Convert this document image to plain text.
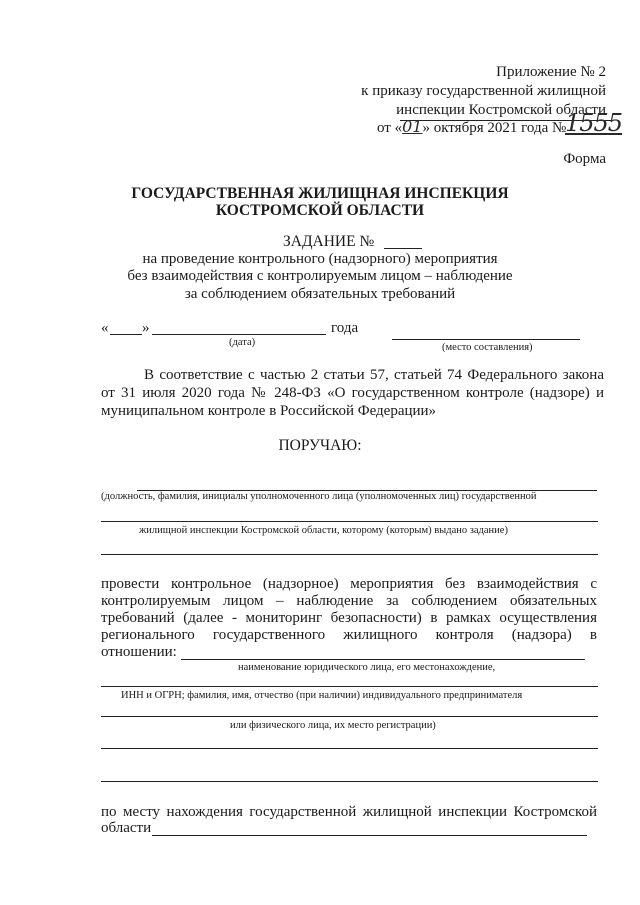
Приложение № 2
к приказу государственной жилищной
инспекции Костромской области
от «01» октября 2021 года №
1555
Форма
ГОСУДАРСТВЕННАЯ ЖИЛИЩНАЯ ИНСПЕКЦИЯ
КОСТРОМСКОЙ ОБЛАСТИ
ЗАДАНИЕ №
на проведение контрольного (надзорного) мероприятия
без взаимодействия с контролируемым лицом – наблюдение
за соблюдением обязательных требований
« »	года
(дата)	(место составления)
В соответствие с частью 2 статьи 57, статьей 74 Федерального закона
от 31 июля 2020 года № 248-ФЗ «О государственном контроле (надзоре) и
муниципальном контроле в Российской Федерации»
ПОРУЧАЮ:
(должность, фамилия, инициалы уполномоченного лица (уполномоченных лиц) государственной
жилищной инспекции Костромской области, которому (которым) выдано задание)
провести контрольное (надзорное) мероприятия без взаимодействия с
контролируемым лицом – наблюдение за соблюдением обязательных
требований (далее - мониторинг безопасности) в рамках осуществления
регионального государственного жилищного контроля (надзора) в
отношении:
наименование юридического лица, его местонахождение,
ИНН и ОГРН; фамилия, имя, отчество (при наличии) индивидуального предпринимателя
или физического лица, их место регистрации)
по месту нахождения государственной жилищной инспекции Костромской
области
